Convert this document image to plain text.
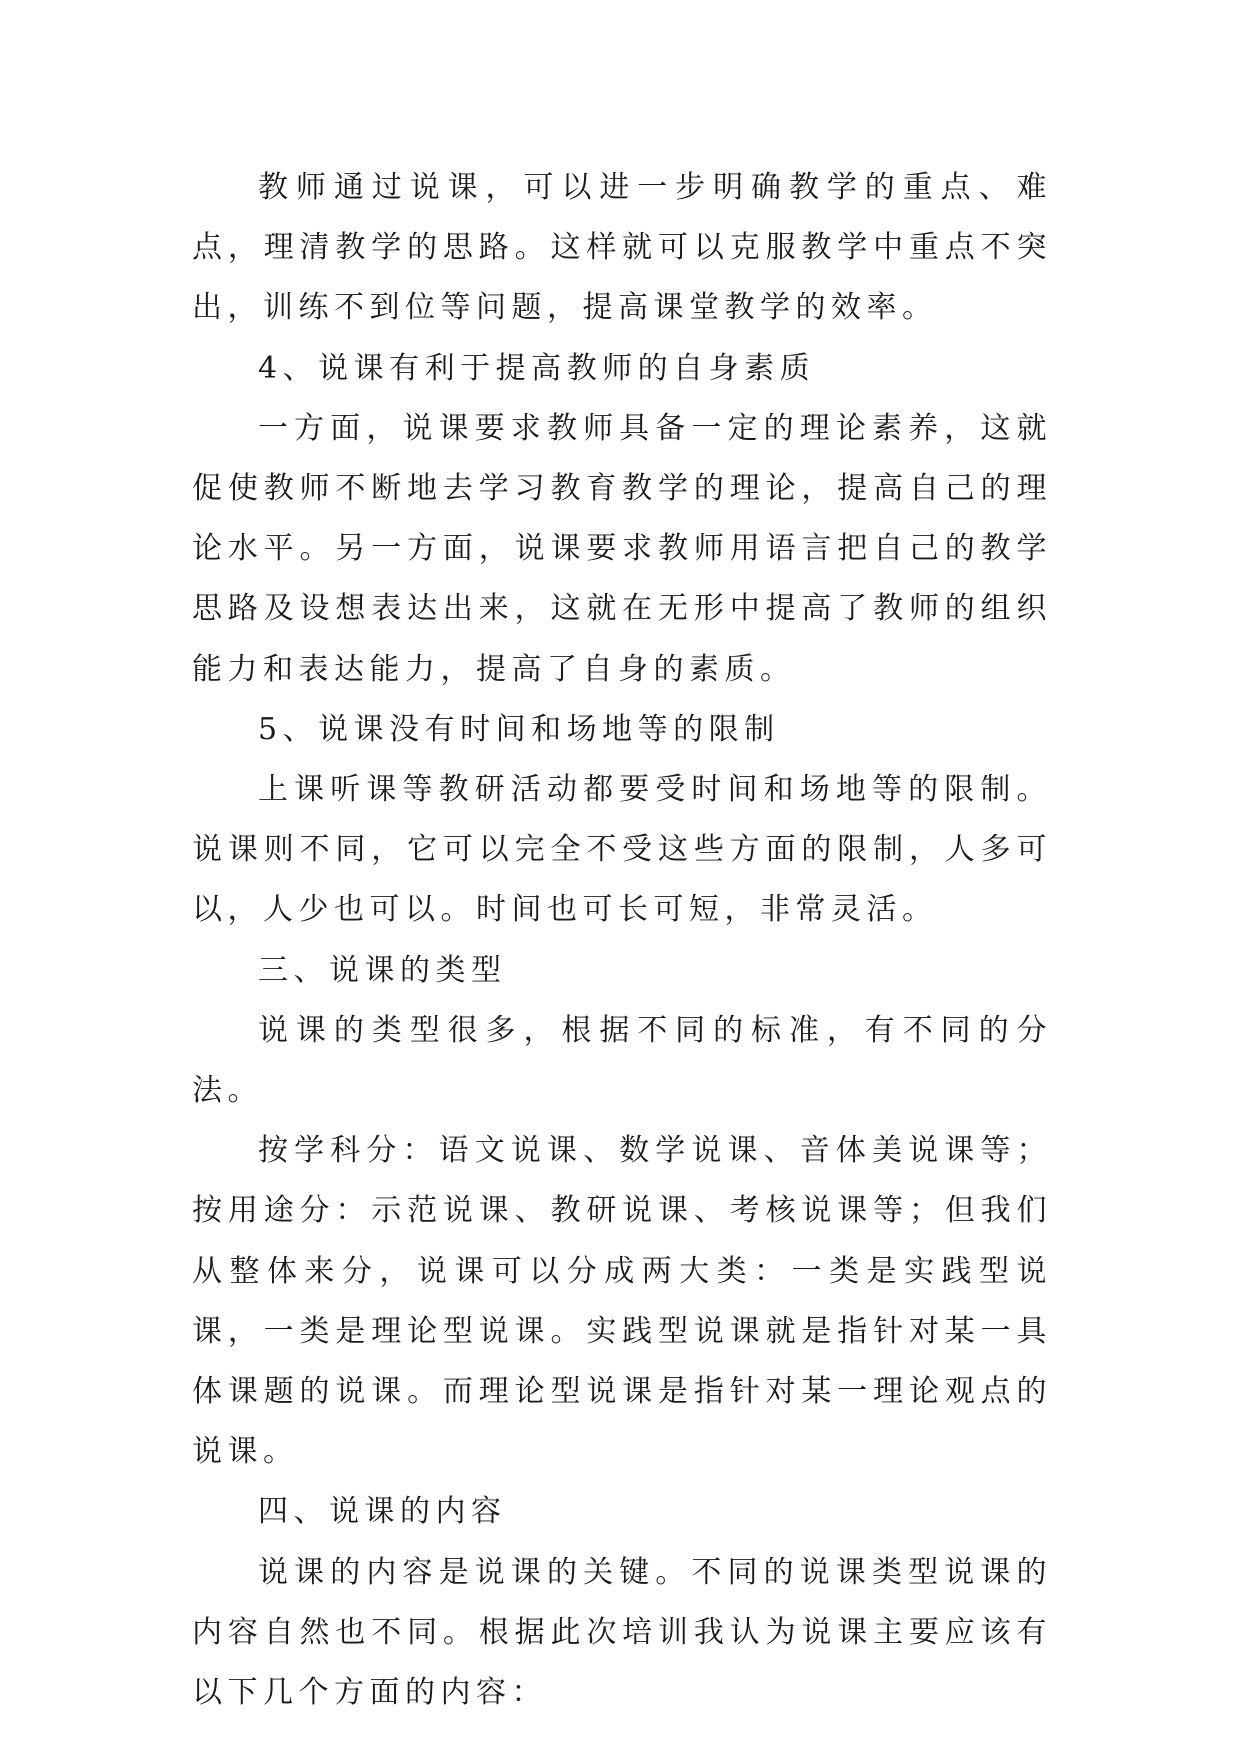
教师通过说课，可以进一步明确教学的重点、难点，理清教学的思路。这样就可以克服教学中重点不突出，训练不到位等问题，提高课堂教学的效率。

4、说课有利于提高教师的自身素质

一方面，说课要求教师具备一定的理论素养，这就促使教师不断地去学习教育教学的理论，提高自己的理论水平。另一方面，说课要求教师用语言把自己的教学思路及设想表达出来，这就在无形中提高了教师的组织能力和表达能力，提高了自身的素质。

5、说课没有时间和场地等的限制

上课听课等教研活动都要受时间和场地等的限制。说课则不同，它可以完全不受这些方面的限制，人多可以，人少也可以。时间也可长可短，非常灵活。

三、说课的类型

说课的类型很多，根据不同的标准，有不同的分法。

按学科分：语文说课、数学说课、音体美说课等；按用途分：示范说课、教研说课、考核说课等；但我们从整体来分，说课可以分成两大类：一类是实践型说课，一类是理论型说课。实践型说课就是指针对某一具体课题的说课。而理论型说课是指针对某一理论观点的说课。

四、说课的内容

说课的内容是说课的关键。不同的说课类型说课的内容自然也不同。根据此次培训我认为说课主要应该有以下几个方面的内容：
